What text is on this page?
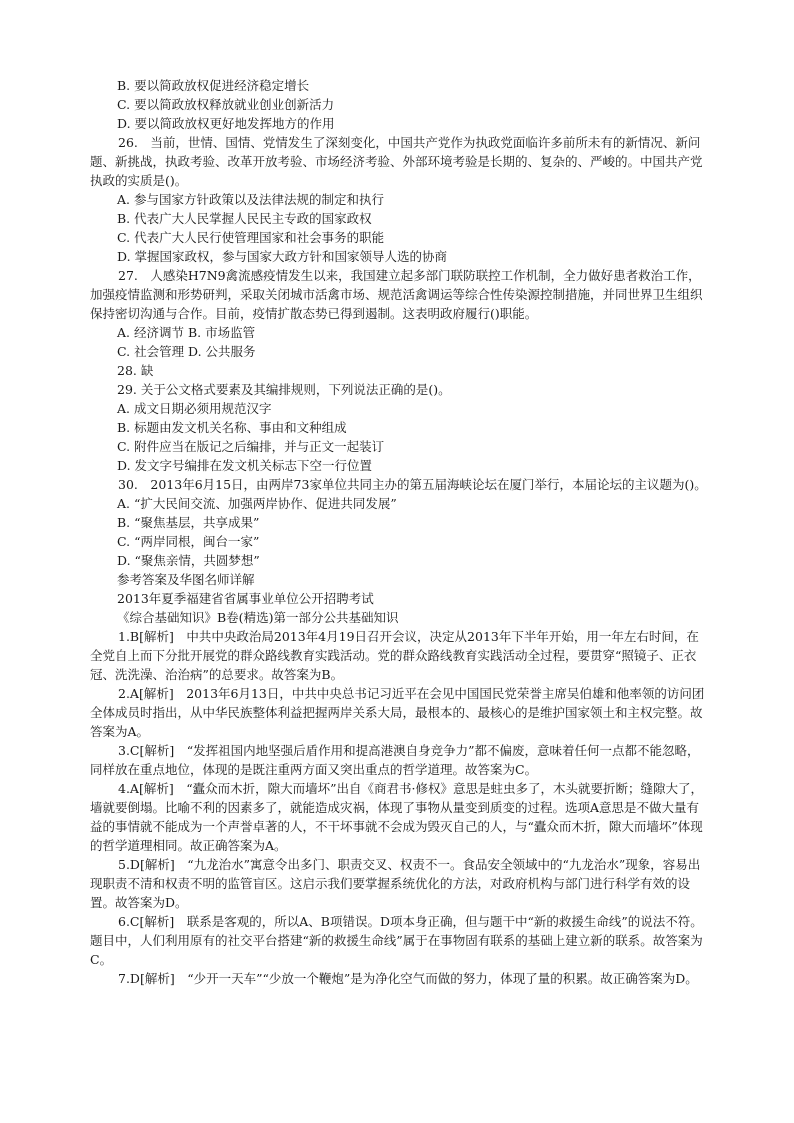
B. 要以简政放权促进经济稳定增长

C. 要以简政放权释放就业创业创新活力

D. 要以简政放权更好地发挥地方的作用

26.　当前，世情、国情、党情发生了深刻变化，中国共产党作为执政党面临许多前所未有的新情况、新问题、新挑战，执政考验、改革开放考验、市场经济考验、外部环境考验是长期的、复杂的、严峻的。中国共产党执政的实质是()。

A. 参与国家方针政策以及法律法规的制定和执行

B. 代表广大人民掌握人民民主专政的国家政权

C. 代表广大人民行使管理国家和社会事务的职能

D. 掌握国家政权，参与国家大政方针和国家领导人选的协商

27.　人感染H7N9禽流感疫情发生以来，我国建立起多部门联防联控工作机制，全力做好患者救治工作，加强疫情监测和形势研判，采取关闭城市活禽市场、规范活禽调运等综合性传染源控制措施，并同世界卫生组织保持密切沟通与合作。目前，疫情扩散态势已得到遏制。这表明政府履行()职能。

A. 经济调节 B. 市场监管

C. 社会管理 D. 公共服务

28. 缺

29. 关于公文格式要素及其编排规则，下列说法正确的是()。

A. 成文日期必须用规范汉字

B. 标题由发文机关名称、事由和文种组成

C. 附件应当在版记之后编排，并与正文一起装订

D. 发文字号编排在发文机关标志下空一行位置

30.　2013年6月15日，由两岸73家单位共同主办的第五届海峡论坛在厦门举行，本届论坛的主议题为()。

A. “扩大民间交流、加强两岸协作、促进共同发展”

B. “聚焦基层，共享成果”

C. “两岸同根，闽台一家”

D. “聚焦亲情，共圆梦想”

参考答案及华图名师详解

2013年夏季福建省省属事业单位公开招聘考试

《综合基础知识》B卷(精选)第一部分公共基础知识

1.B[解析]　中共中央政治局2013年4月19日召开会议，决定从2013年下半年开始，用一年左右时间，在全党自上而下分批开展党的群众路线教育实践活动。党的群众路线教育实践活动全过程，要贯穿“照镜子、正衣冠、洗洗澡、治治病”的总要求。故答案为B。

2.A[解析]　2013年6月13日，中共中央总书记习近平在会见中国国民党荣誉主席吴伯雄和他率领的访问团全体成员时指出，从中华民族整体利益把握两岸关系大局，最根本的、最核心的是维护国家领土和主权完整。故答案为A。

3.C[解析]　“发挥祖国内地坚强后盾作用和提高港澳自身竞争力”都不偏废，意味着任何一点都不能忽略，同样放在重点地位，体现的是既注重两方面又突出重点的哲学道理。故答案为C。

4.A[解析]　“蠹众而木折，隙大而墙坏”出自《商君书·修权》意思是蛀虫多了，木头就要折断；缝隙大了，墙就要倒塌。比喻不利的因素多了，就能造成灾祸，体现了事物从量变到质变的过程。选项A意思是不做大量有益的事情就不能成为一个声誉卓著的人，不干坏事就不会成为毁灭自己的人，与“蠹众而木折，隙大而墙坏”体现的哲学道理相同。故正确答案为A。

5.D[解析]　“九龙治水”寓意令出多门、职责交叉、权责不一。食品安全领域中的“九龙治水”现象，容易出现职责不清和权责不明的监管盲区。这启示我们要掌握系统优化的方法，对政府机构与部门进行科学有效的设置。故答案为D。

6.C[解析]　联系是客观的，所以A、B项错误。D项本身正确，但与题干中“新的救援生命线”的说法不符。题目中，人们利用原有的社交平台搭建“新的救援生命线”属于在事物固有联系的基础上建立新的联系。故答案为C。

7.D[解析]　“少开一天车”“少放一个鞭炮”是为净化空气而做的努力，体现了量的积累。故正确答案为D。
